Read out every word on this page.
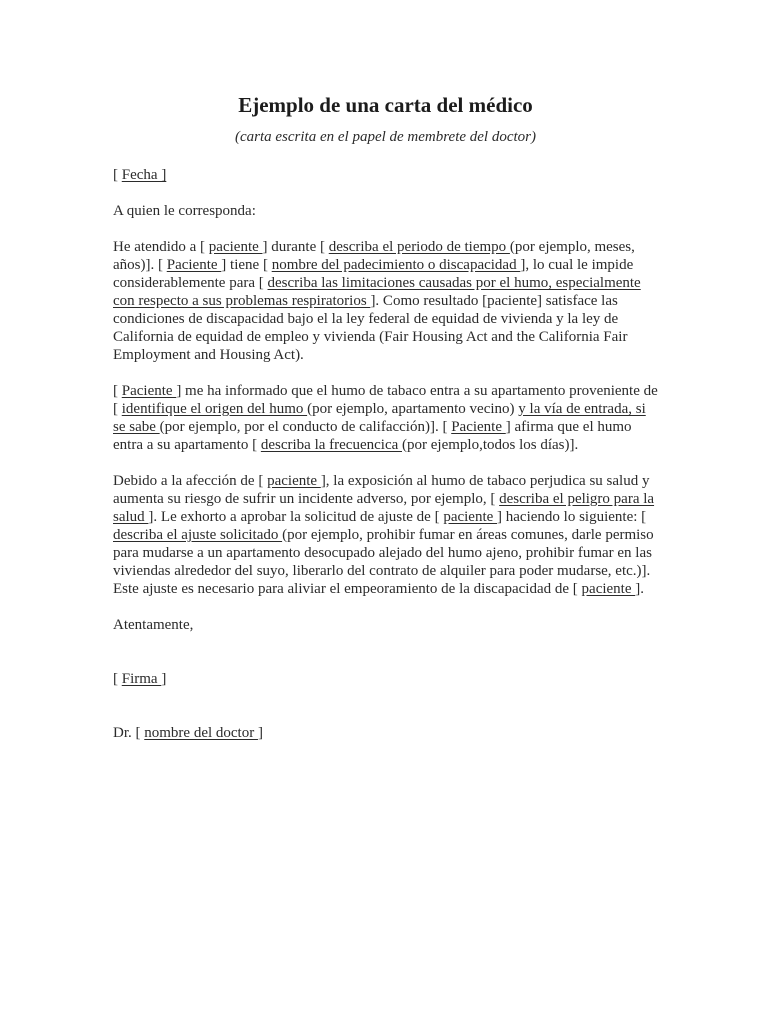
Ejemplo de una carta del médico

(carta escrita en el papel de membrete del doctor)

[ Fecha ]

A quien le corresponda:

He atendido a [ paciente ] durante [ describa el periodo de tiempo (por ejemplo, meses, años)]. [ Paciente ] tiene [ nombre del padecimiento o discapacidad ], lo cual le impide considerablemente para [ describa las limitaciones causadas por el humo, especialmente con respecto a sus problemas respiratorios ]. Como resultado [paciente] satisface las condiciones de discapacidad bajo el la ley federal de equidad de vivienda y la ley de California de equidad de empleo y vivienda (Fair Housing Act and the California Fair Employment and Housing Act).

[ Paciente ] me ha informado que el humo de tabaco entra a su apartamento proveniente de [ identifique el origen del humo (por ejemplo, apartamento vecino) y la vía de entrada, si se sabe (por ejemplo, por el conducto de califacción)]. [ Paciente ] afirma que el humo entra a su apartamento [ describa la frecuencica (por ejemplo,todos los días)].

Debido a la afección de [ paciente ], la exposición al humo de tabaco perjudica su salud y aumenta su riesgo de sufrir un incidente adverso, por ejemplo, [ describa el peligro para la salud ]. Le exhorto a aprobar la solicitud de ajuste de [ paciente ] haciendo lo siguiente: [ describa el ajuste solicitado (por ejemplo, prohibir fumar en áreas comunes, darle permiso para mudarse a un apartamento desocupado alejado del humo ajeno, prohibir fumar en las viviendas alrededor del suyo, liberarlo del contrato de alquiler para poder mudarse, etc.)]. Este ajuste es necesario para aliviar el empeoramiento de la discapacidad de [ paciente ].

Atentamente,

[ Firma ]

Dr. [ nombre del doctor ]
